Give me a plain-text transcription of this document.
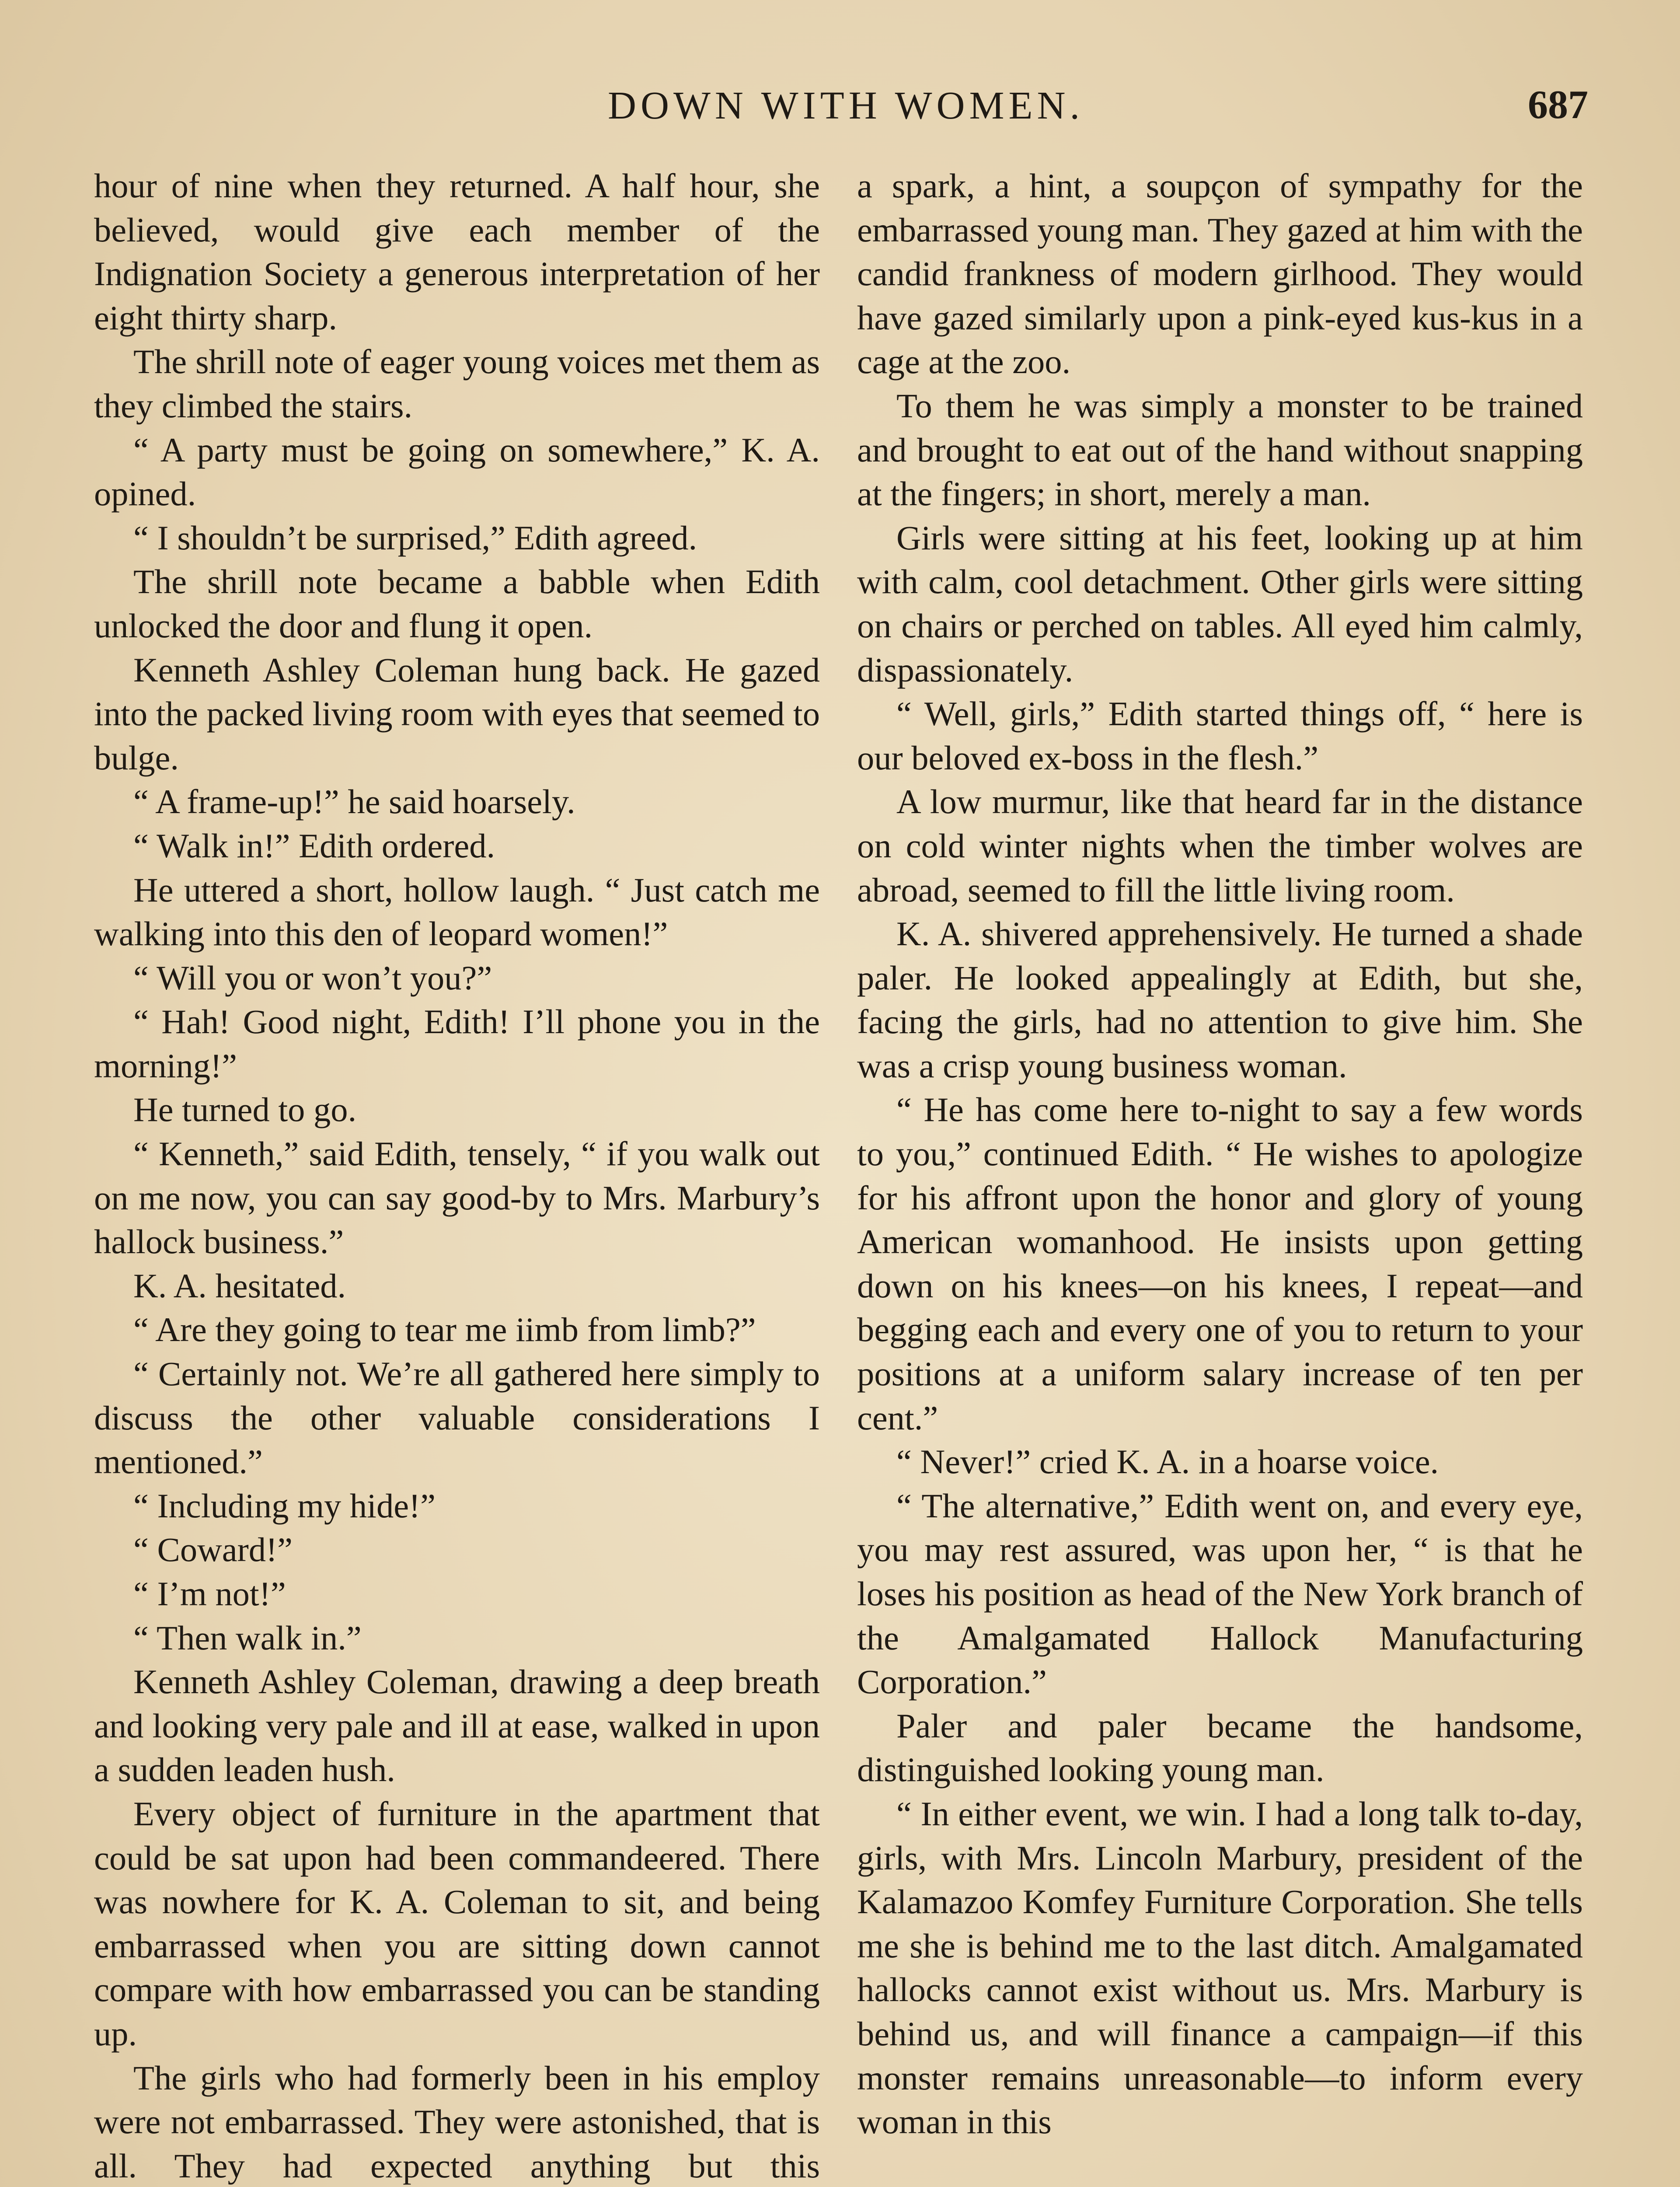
DOWN WITH WOMEN.	687

hour of nine when they returned. A half hour, she believed, would give each member of the Indignation Society a generous interpretation of her eight thirty sharp.

The shrill note of eager young voices met them as they climbed the stairs.

“ A party must be going on somewhere,” K. A. opined.

“ I shouldn’t be surprised,” Edith agreed.

The shrill note became a babble when Edith unlocked the door and flung it open.

Kenneth Ashley Coleman hung back. He gazed into the packed living room with eyes that seemed to bulge.

“ A frame-up!” he said hoarsely.

“ Walk in!” Edith ordered.

He uttered a short, hollow laugh. “ Just catch me walking into this den of leopard women!”

“ Will you or won’t you?”

“ Hah! Good night, Edith! I’ll phone you in the morning!”

He turned to go.

“ Kenneth,” said Edith, tensely, “ if you walk out on me now, you can say good-by to Mrs. Marbury’s hallock business.”

K. A. hesitated.

“ Are they going to tear me iimb from limb?”

“ Certainly not. We’re all gathered here simply to discuss the other valuable considerations I mentioned.”

“ Including my hide!”

“ Coward!”

“ I’m not!”

“ Then walk in.”

Kenneth Ashley Coleman, drawing a deep breath and looking very pale and ill at ease, walked in upon a sudden leaden hush.

Every object of furniture in the apartment that could be sat upon had been commandeered. There was nowhere for K. A. Coleman to sit, and being embarrassed when you are sitting down cannot compare with how embarrassed you can be standing up.

The girls who had formerly been in his employ were not embarrassed. They were astonished, that is all. They had expected anything but this

a spark, a hint, a soupçon of sympathy for the embarrassed young man. They gazed at him with the candid frankness of modern girlhood. They would have gazed similarly upon a pink-eyed kus-kus in a cage at the zoo.

To them he was simply a monster to be trained and brought to eat out of the hand without snapping at the fingers; in short, merely a man.

Girls were sitting at his feet, looking up at him with calm, cool detachment. Other girls were sitting on chairs or perched on tables. All eyed him calmly, dispassionately.

“ Well, girls,” Edith started things off, “ here is our beloved ex-boss in the flesh.”

A low murmur, like that heard far in the distance on cold winter nights when the timber wolves are abroad, seemed to fill the little living room.

K. A. shivered apprehensively. He turned a shade paler. He looked appealingly at Edith, but she, facing the girls, had no attention to give him. She was a crisp young business woman.

“ He has come here to-night to say a few words to you,” continued Edith. “ He wishes to apologize for his affront upon the honor and glory of young American womanhood. He insists upon getting down on his knees—on his knees, I repeat—and begging each and every one of you to return to your positions at a uniform salary increase of ten per cent.”

“ Never!” cried K. A. in a hoarse voice.

“ The alternative,” Edith went on, and every eye, you may rest assured, was upon her, “ is that he loses his position as head of the New York branch of the Amalgamated Hallock Manufacturing Corporation.”

Paler and paler became the handsome, distinguished looking young man.

“ In either event, we win. I had a long talk to-day, girls, with Mrs. Lincoln Marbury, president of the Kalamazoo Komfey Furniture Corporation. She tells me she is behind me to the last ditch. Amalgamated hallocks cannot exist without us. Mrs. Marbury is behind us, and will finance a campaign—if this monster remains unreasonable—to inform every woman in this
